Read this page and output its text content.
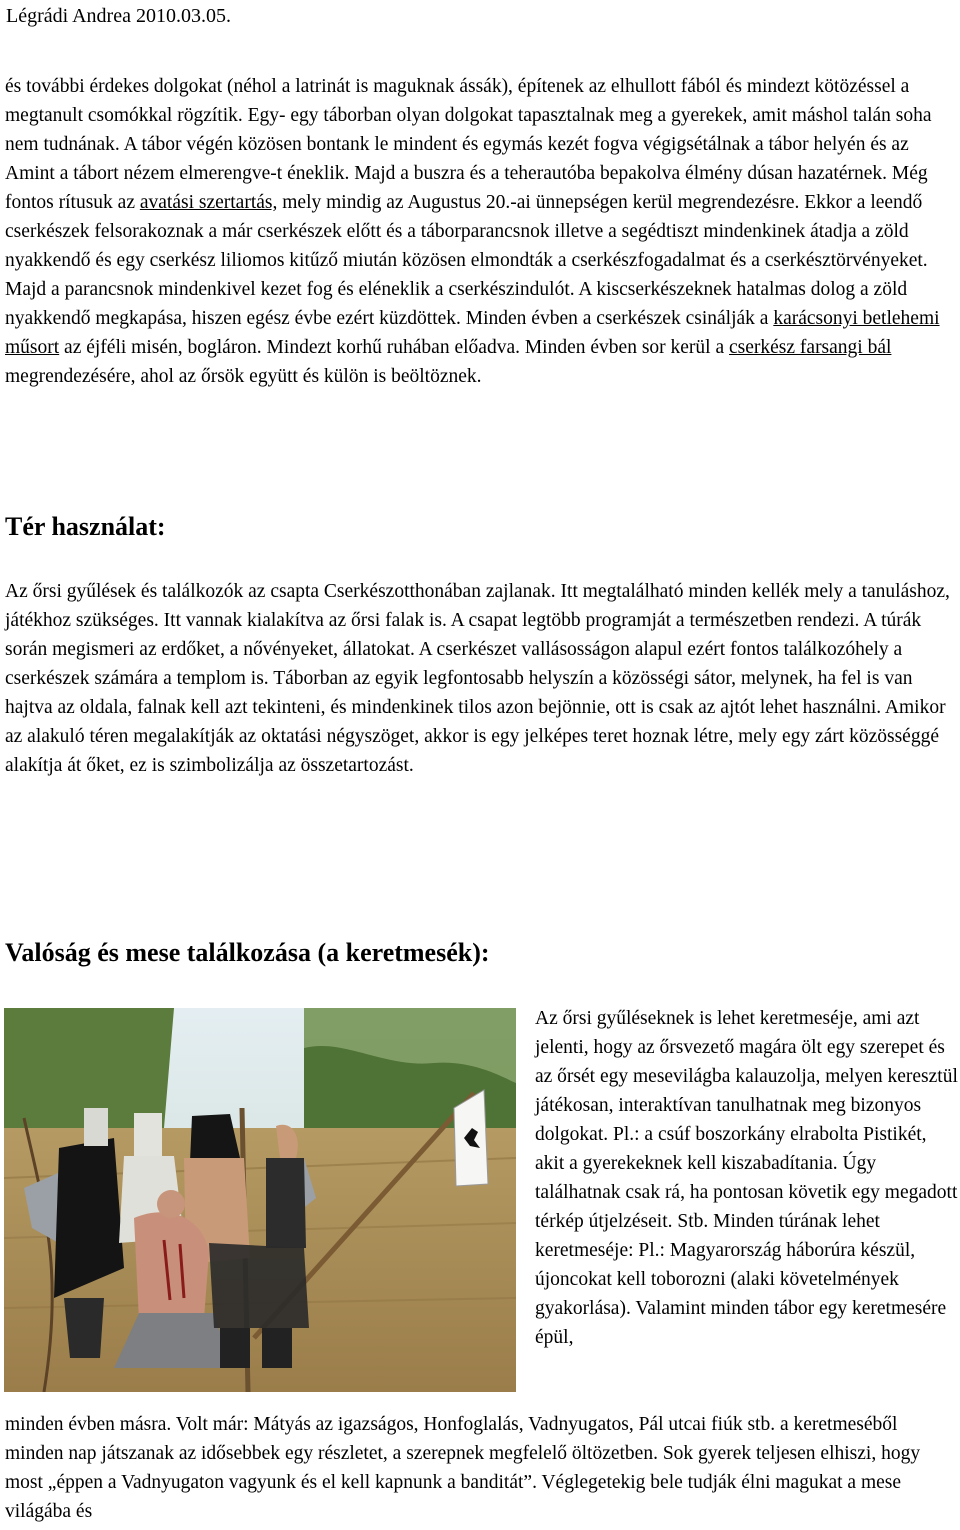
Légrádi Andrea 2010.03.05.

és további érdekes dolgokat (néhol a latrinát is maguknak ássák), építenek az elhullott fából és mindezt kötözéssel a megtanult csomókkal rögzítik. Egy- egy táborban olyan dolgokat tapasztalnak meg a gyerekek, amit máshol talán soha nem tudnának. A tábor végén közösen bontank le mindent és egymás kezét fogva végigsétálnak a tábor helyén és az Amint a tábort nézem elmerengve-t éneklik. Majd a buszra és a teherautóba bepakolva élmény dúsan hazatérnek. Még fontos rítusuk az avatási szertartás, mely mindig az Augustus 20.-ai ünnepségen kerül megrendezésre. Ekkor a leendő cserkészek felsorakoznak a már cserkészek előtt és a táborparancsnok illetve a segédtiszt mindenkinek átadja a zöld nyakkendő és egy cserkész liliomos kitűző miután közösen elmondták a cserkészfogadalmat és a cserkésztörvényeket. Majd a parancsnok mindenkivel kezet fog és eléneklik a cserkészindulót. A kiscserkészeknek hatalmas dolog a zöld nyakkendő megkapása, hiszen egész évbe ezért küzdöttek. Minden évben a cserkészek csinálják a karácsonyi betlehemi műsort az éjféli misén, bogláron. Mindezt korhű ruhában előadva. Minden évben sor kerül a cserkész farsangi bál megrendezésére, ahol az őrsök együtt és külön is beöltöznek.

Tér használat:

Az őrsi gyűlések és találkozók az csapta Cserkészotthonában zajlanak. Itt megtalálható minden kellék mely a tanuláshoz, játékhoz szükséges. Itt vannak kialakítva az őrsi falak is. A csapat legtöbb programját a természetben rendezi. A túrák során megismeri az erdőket, a nővényeket, állatokat. A cserkészet vallásosságon alapul ezért fontos találkozóhely a cserkészek számára a templom is. Táborban az egyik legfontosabb helyszín a közösségi sátor, melynek, ha fel is van hajtva az oldala, falnak kell azt tekinteni, és mindenkinek tilos azon bejönnie, ott is csak az ajtót lehet használni. Amikor az alakuló téren megalakítják az oktatási négyszöget, akkor is egy jelképes teret hoznak létre, mely egy zárt közösséggé alakítja át őket, ez is szimbolizálja az összetartozást.

Valóság és mese találkozása (a keretmesék):

Az őrsi gyűléseknek is lehet keretmeséje, ami azt jelenti, hogy az őrsvezető magára ölt egy szerepet és az őrsét egy mesevilágba kalauzolja, melyen keresztül játékosan, interaktívan tanulhatnak meg bizonyos dolgokat. Pl.: a csúf boszorkány elrabolta Pistikét, akit a gyerekeknek kell kiszabadítania. Úgy találhatnak csak rá, ha pontosan követik egy megadott térkép útjelzéseit. Stb. Minden túrának lehet keretmeséje: Pl.: Magyarország háborúra készül, újoncokat kell toborozni (alaki követelmények gyakorlása). Valamint minden tábor egy keretmesére épül,

minden évben másra. Volt már: Mátyás az igazságos, Honfoglalás, Vadnyugatos, Pál utcai fiúk stb. a keretmeséből minden nap játszanak az idősebbek egy részletet, a szerepnek megfelelő öltözetben. Sok gyerek teljesen elhiszi, hogy most „éppen a Vadnyugaton vagyunk és el kell kapnunk a banditát”. Véglegetekig bele tudják élni magukat a mese világába és
